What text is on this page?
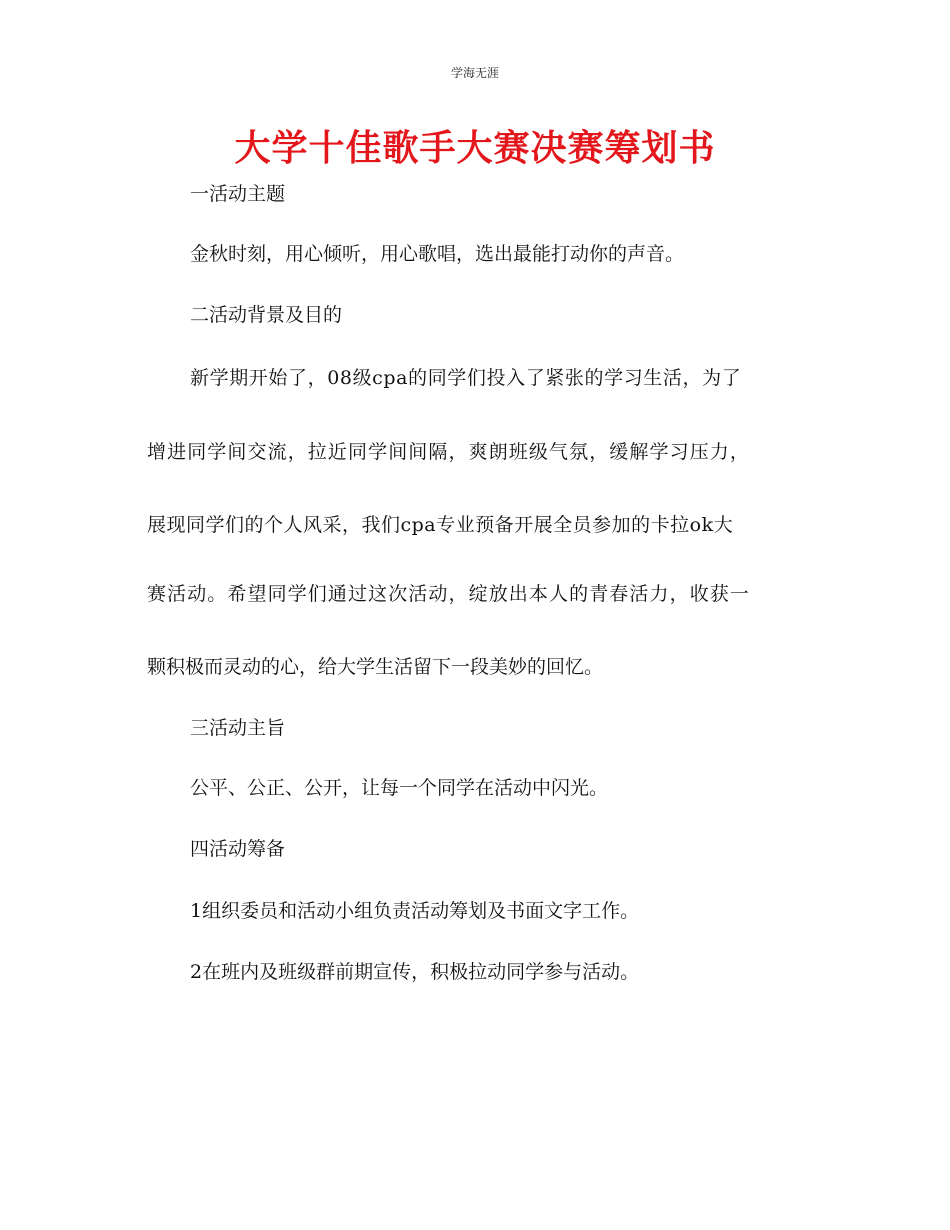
学海无涯
大学十佳歌手大赛决赛筹划书
一活动主题
金秋时刻，用心倾听，用心歌唱，选出最能打动你的声音。
二活动背景及目的
新学期开始了，08级cpa的同学们投入了紧张的学习生活，为了
增进同学间交流，拉近同学间间隔，爽朗班级气氛，缓解学习压力，
展现同学们的个人风采，我们cpa专业预备开展全员参加的卡拉ok大
赛活动。希望同学们通过这次活动，绽放出本人的青春活力，收获一
颗积极而灵动的心，给大学生活留下一段美妙的回忆。
三活动主旨
公平、公正、公开，让每一个同学在活动中闪光。
四活动筹备
1组织委员和活动小组负责活动筹划及书面文字工作。
2在班内及班级群前期宣传，积极拉动同学参与活动。
